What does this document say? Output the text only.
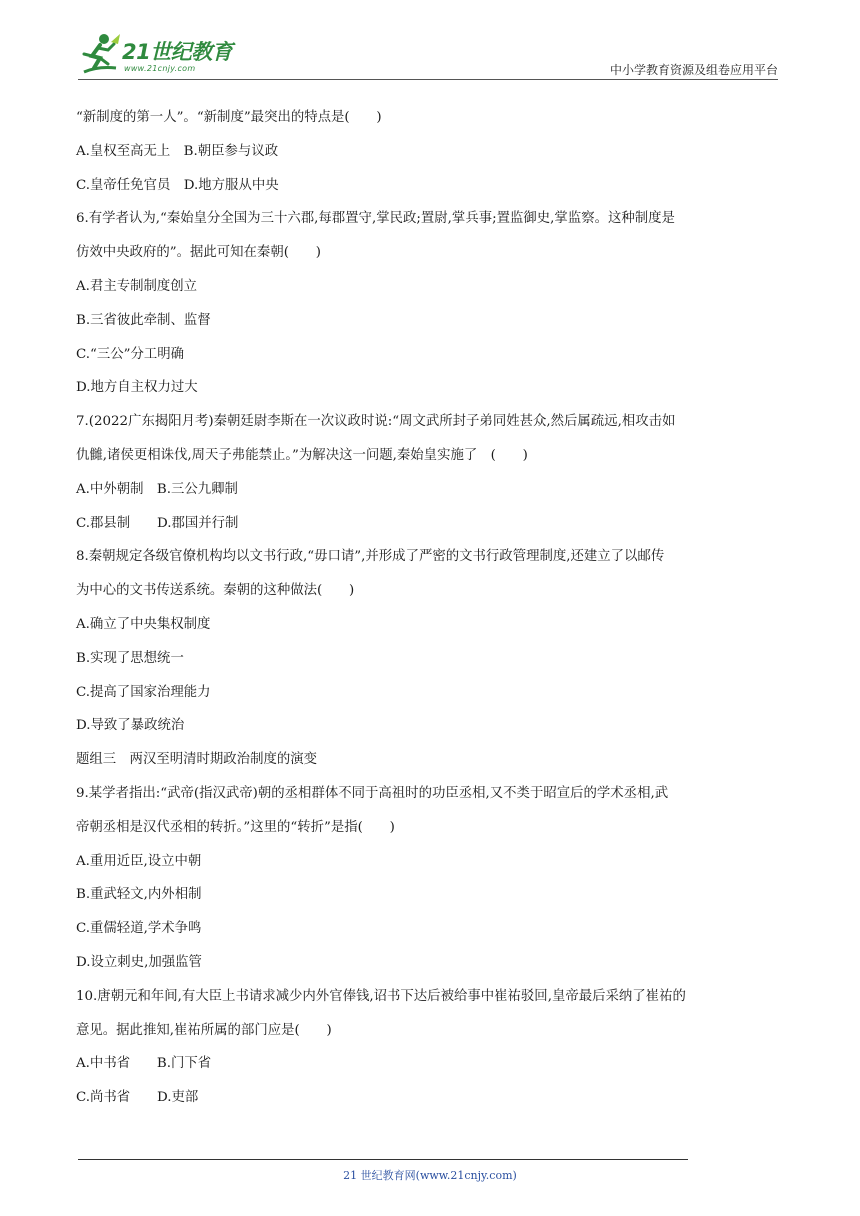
21世纪教育
www.21cnjy.com	中小学教育资源及组卷应用平台
“新制度的第一人”。“新制度”最突出的特点是(　　)
A.皇权至高无上　B.朝臣参与议政
C.皇帝任免官员　D.地方服从中央
6.有学者认为,“秦始皇分全国为三十六郡,每郡置守,掌民政;置尉,掌兵事;置监御史,掌监察。这种制度是
仿效中央政府的”。据此可知在秦朝(　　)
A.君主专制制度创立
B.三省彼此牵制、监督
C.“三公”分工明确
D.地方自主权力过大
7.(2022广东揭阳月考)秦朝廷尉李斯在一次议政时说:“周文武所封子弟同姓甚众,然后属疏远,相攻击如
仇雠,诸侯更相诛伐,周天子弗能禁止。”为解决这一问题,秦始皇实施了　(　　)
A.中外朝制　B.三公九卿制
C.郡县制　　D.郡国并行制
8.秦朝规定各级官僚机构均以文书行政,“毋口请”,并形成了严密的文书行政管理制度,还建立了以邮传
为中心的文书传送系统。秦朝的这种做法(　　)
A.确立了中央集权制度
B.实现了思想统一
C.提高了国家治理能力
D.导致了暴政统治
题组三　两汉至明清时期政治制度的演变
9.某学者指出:“武帝(指汉武帝)朝的丞相群体不同于高祖时的功臣丞相,又不类于昭宣后的学术丞相,武
帝朝丞相是汉代丞相的转折。”这里的“转折”是指(　　)
A.重用近臣,设立中朝
B.重武轻文,内外相制
C.重儒轻道,学术争鸣
D.设立刺史,加强监管
10.唐朝元和年间,有大臣上书请求减少内外官俸钱,诏书下达后被给事中崔祐驳回,皇帝最后采纳了崔祐的
意见。据此推知,崔祐所属的部门应是(　　)
A.中书省　　B.门下省
C.尚书省　　D.吏部
21 世纪教育网(www.21cnjy.com)
